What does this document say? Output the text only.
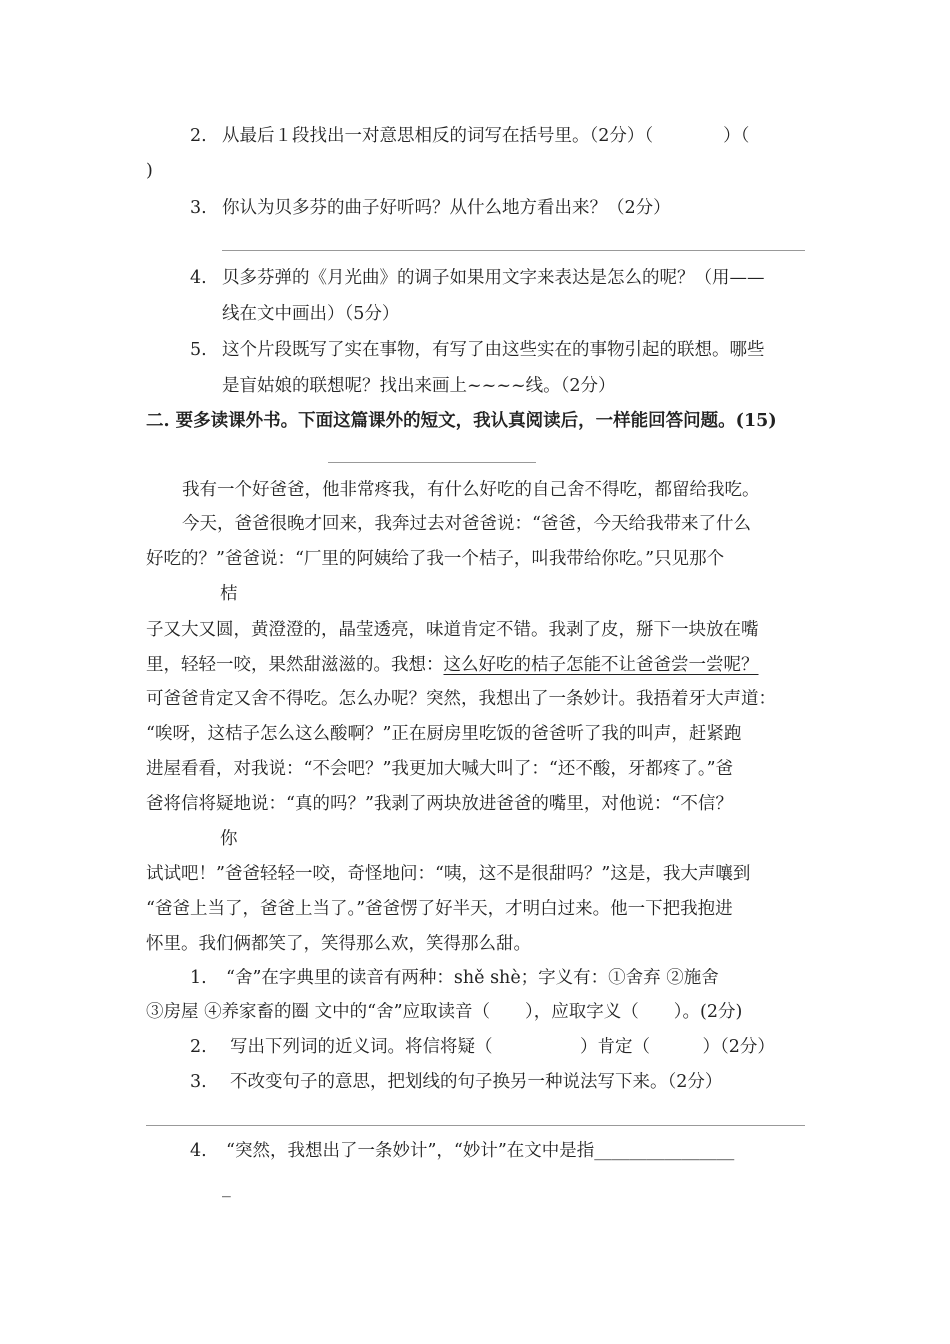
2. 从最后１段找出一对意思相反的词写在括号里。（2分）（　　　　）（
)
3. 你认为贝多芬的曲子好听吗？从什么地方看出来？（2分）
4. 贝多芬弹的《月光曲》的调子如果用文字来表达是怎么的呢？（用——
线在文中画出）（5分）
5. 这个片段既写了实在事物，有写了由这些实在的事物引起的联想。哪些
是盲姑娘的联想呢？找出来画上~~~~线。（2分）
二. 要多读课外书。下面这篇课外的短文，我认真阅读后，一样能回答问题。(15)
我有一个好爸爸，他非常疼我，有什么好吃的自己舍不得吃，都留给我吃。
今天，爸爸很晚才回来，我奔过去对爸爸说：“爸爸，今天给我带来了什么
好吃的？”爸爸说：“厂里的阿姨给了我一个桔子，叫我带给你吃。”只见那个
桔
子又大又圆，黄澄澄的，晶莹透亮，味道肯定不错。我剥了皮，掰下一块放在嘴
里，轻轻一咬，果然甜滋滋的。我想：这么好吃的桔子怎能不让爸爸尝一尝呢？
可爸爸肯定又舍不得吃。怎么办呢？突然，我想出了一条妙计。我捂着牙大声道：
“唉呀，这桔子怎么这么酸啊？”正在厨房里吃饭的爸爸听了我的叫声，赶紧跑
进屋看看，对我说：“不会吧？”我更加大喊大叫了：“还不酸，牙都疼了。”爸
爸将信将疑地说：“真的吗？”我剥了两块放进爸爸的嘴里，对他说：“不信？
你
试试吧！”爸爸轻轻一咬，奇怪地问：“咦，这不是很甜吗？”这是，我大声嚷到
“爸爸上当了，爸爸上当了。”爸爸愣了好半天，才明白过来。他一下把我抱进
怀里。我们俩都笑了，笑得那么欢，笑得那么甜。
1. “舍”在字典里的读音有两种：shě shè；字义有：①舍弃 ②施舍
③房屋 ④养家畜的圈 文中的“舍”应取读音（　　），应取字义（　　）。(2分)
2. 写出下列词的近义词。将信将疑（　　　　　）肯定（　　　）（2分）
3. 不改变句子的意思，把划线的句子换另一种说法写下来。（2分）
4. “突然，我想出了一条妙计”，“妙计”在文中是指________________
_
